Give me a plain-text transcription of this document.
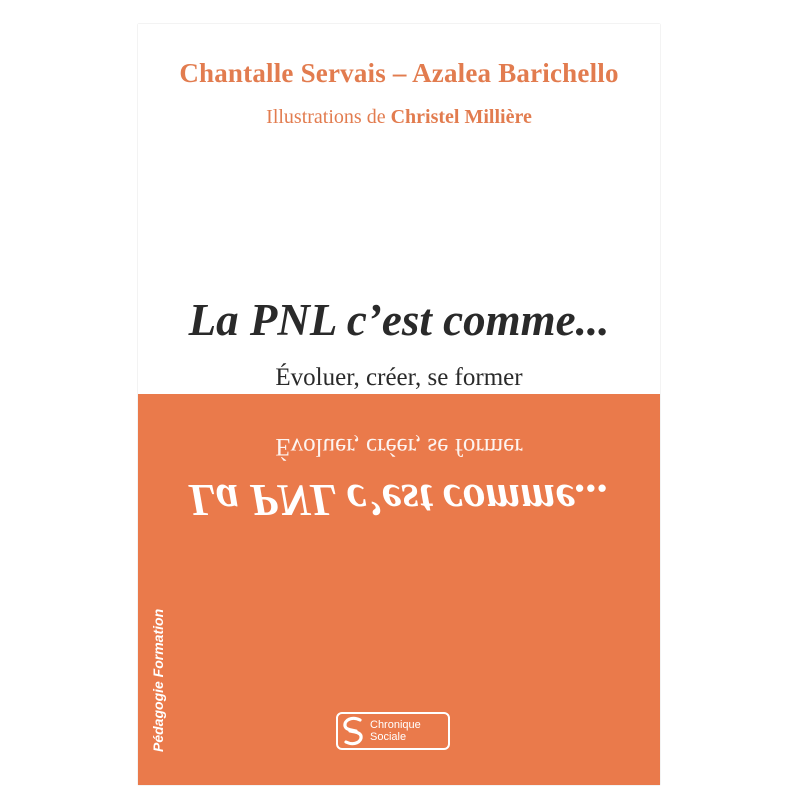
Chantalle Servais – Azalea Barichello
Illustrations de Christel Millière
La PNL c’est comme...
Évoluer, créer, se former
Évoluer, créer, se former
La PNL c’est comme...
Pédagogie Formation	Chronique
Sociale
